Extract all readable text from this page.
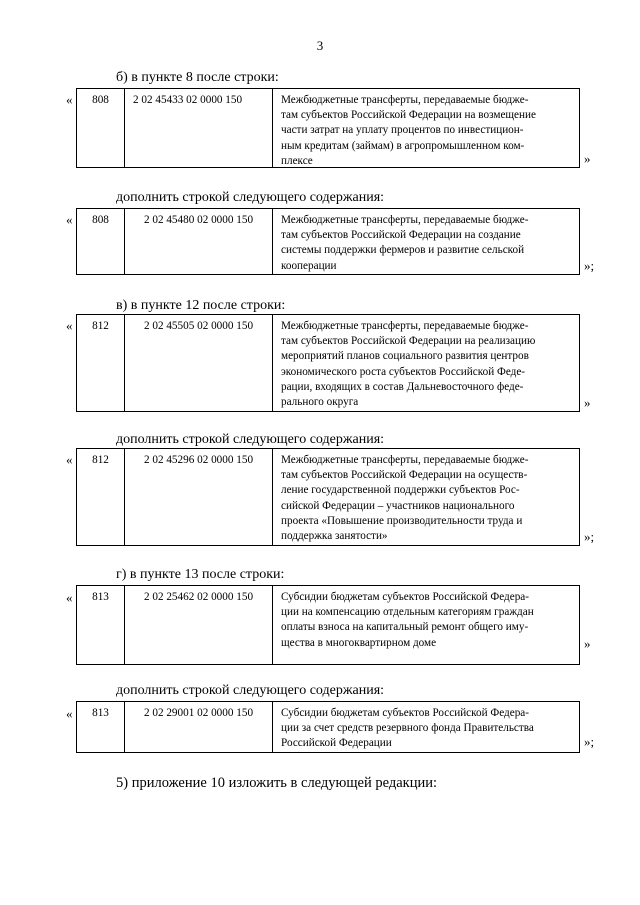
3
б) в пункте 8 после строки:
«	808	2 02 45433 02 0000 150	Межбюджетные трансферты, передаваемые бюдже-
там субъектов Российской Федерации на возмещение
части затрат на уплату процентов по инвестицион-
ным кредитам (займам) в агропромышленном ком-
плексе	»
дополнить строкой следующего содержания:
«	808	2 02 45480 02 0000 150	Межбюджетные трансферты, передаваемые бюдже-
там субъектов Российской Федерации на создание
системы поддержки фермеров и развитие сельской
кооперации	»;
в) в пункте 12 после строки:
«	812	2 02 45505 02 0000 150	Межбюджетные трансферты, передаваемые бюдже-
там субъектов Российской Федерации на реализацию
мероприятий планов социального развития центров
экономического роста субъектов Российской Феде-
рации, входящих в состав Дальневосточного феде-
рального округа	»
дополнить строкой следующего содержания:
«	812	2 02 45296 02 0000 150	Межбюджетные трансферты, передаваемые бюдже-
там субъектов Российской Федерации на осуществ-
ление государственной поддержки субъектов Рос-
сийской Федерации – участников национального
проекта «Повышение производительности труда и
поддержка занятости»	»;
г) в пункте 13 после строки:
«	813	2 02 25462 02 0000 150	Субсидии бюджетам субъектов Российской Федера-
ции на компенсацию отдельным категориям граждан
оплаты взноса на капитальный ремонт общего иму-
щества в многоквартирном доме	»
дополнить строкой следующего содержания:
«	813	2 02 29001 02 0000 150	Субсидии бюджетам субъектов Российской Федера-
ции за счет средств резервного фонда Правительства
Российской Федерации	»;
5) приложение 10 изложить в следующей редакции:
